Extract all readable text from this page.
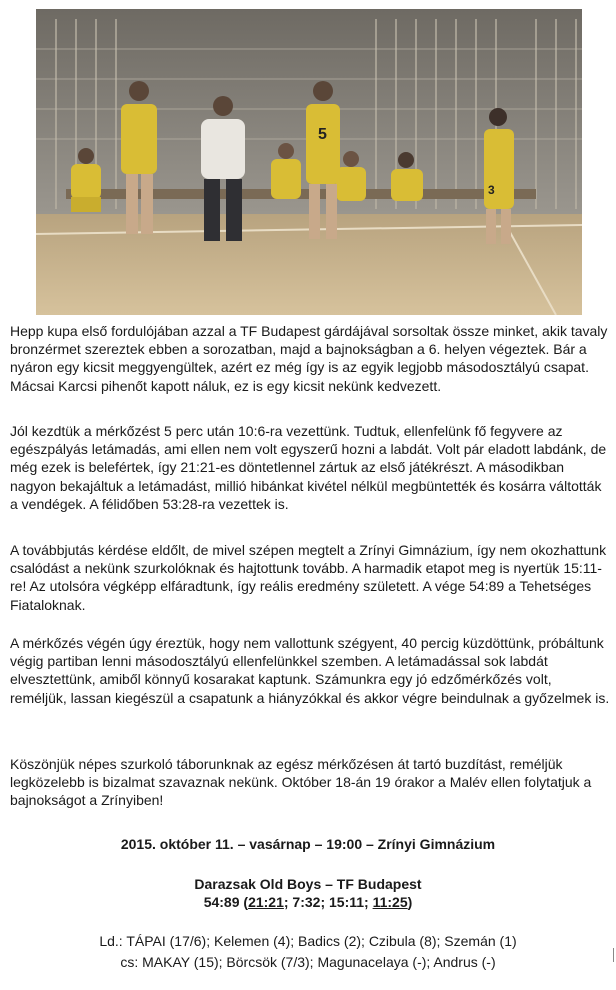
5
3

Hepp kupa első fordulójában azzal a TF Budapest gárdájával sorsoltak össze minket, akik tavaly bronzérmet szereztek ebben a sorozatban, majd a bajnokságban a 6. helyen végeztek. Bár a nyáron egy kicsit meggyengültek, azért ez még így is az egyik legjobb másodosztályú csapat. Mácsai Karcsi pihenőt kapott náluk, ez is egy kicsit nekünk kedvezett.

Jól kezdtük a mérkőzést 5 perc után 10:6-ra vezettünk. Tudtuk, ellenfelünk fő fegyvere az egészpályás letámadás, ami ellen nem volt egyszerű hozni a labdát. Volt pár eladott labdánk, de még ezek is belefértek, így 21:21-es döntetlennel zártuk az első játékrészt. A másodikban nagyon bekajáltuk a letámadást, millió hibánkat kivétel nélkül megbüntették és kosárra váltották a vendégek. A félidőben 53:28-ra vezettek is.

A továbbjutás kérdése eldőlt, de mivel szépen megtelt a Zrínyi Gimnázium, így nem okozhattunk csalódást a nekünk szurkolóknak és hajtottunk tovább. A harmadik etapot meg is nyertük 15:11-re! Az utolsóra végképp elfáradtunk, így reális eredmény született. A vége 54:89 a Tehetséges Fiataloknak.

A mérkőzés végén úgy éreztük, hogy nem vallottunk szégyent, 40 percig küzdöttünk, próbáltunk végig partiban lenni másodosztályú ellenfelünkkel szemben. A letámadással sok labdát elvesztettünk, amiből könnyű kosarakat kaptunk. Számunkra egy jó edzőmérkőzés volt, reméljük, lassan kiegészül a csapatunk a hiányzókkal és akkor végre beindulnak a győzelmek is.

Köszönjük népes szurkoló táborunknak az egész mérkőzésen át tartó buzdítást, reméljük legközelebb is bizalmat szavaznak nekünk. Október 18-án 19 órakor a Malév ellen folytatjuk a bajnokságot a Zrínyiben!

2015. október 11. – vasárnap – 19:00 – Zrínyi Gimnázium

Darazsak Old Boys – TF Budapest

54:89 (21:21; 7:32; 15:11; 11:25)

Ld.: TÁPAI (17/6); Kelemen (4); Badics (2); Czibula (8); Szemán (1)

cs: MAKAY (15); Börcsök (7/3); Magunacelaya (-); Andrus (-)
